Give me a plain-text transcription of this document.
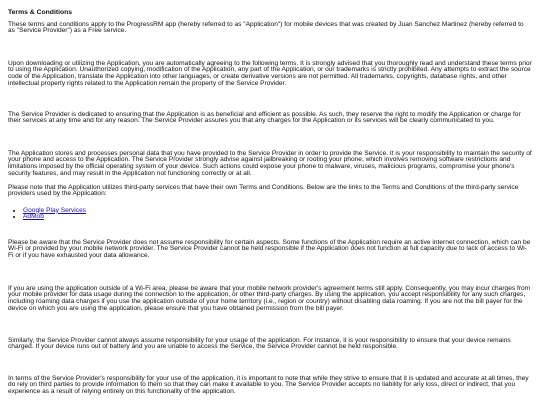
Terms & Conditions

These terms and conditions apply to the ProgressRM app (hereby referred to as "Application") for mobile devices that was created by Juan Sanchez Martinez (hereby referred to as "Service Provider") as a Free service.

Upon downloading or utilizing the Application, you are automatically agreeing to the following terms. It is strongly advised that you thoroughly read and understand these terms prior to using the Application. Unauthorized copying, modification of the Application, any part of the Application, or our trademarks is strictly prohibited. Any attempts to extract the source code of the Application, translate the Application into other languages, or create derivative versions are not permitted. All trademarks, copyrights, database rights, and other intellectual property rights related to the Application remain the property of the Service Provider.

The Service Provider is dedicated to ensuring that the Application is as beneficial and efficient as possible. As such, they reserve the right to modify the Application or charge for their services at any time and for any reason. The Service Provider assures you that any charges for the Application or its services will be clearly communicated to you.

The Application stores and processes personal data that you have provided to the Service Provider in order to provide the Service. It is your responsibility to maintain the security of your phone and access to the Application. The Service Provider strongly advise against jailbreaking or rooting your phone, which involves removing software restrictions and limitations imposed by the official operating system of your device. Such actions could expose your phone to malware, viruses, malicious programs, compromise your phone's security features, and may result in the Application not functioning correctly or at all.

Please note that the Application utilizes third-party services that have their own Terms and Conditions. Below are the links to the Terms and Conditions of the third-party service providers used by the Application:

• Google Play Services
• AdMob

Please be aware that the Service Provider does not assume responsibility for certain aspects. Some functions of the Application require an active internet connection, which can be Wi-Fi or provided by your mobile network provider. The Service Provider cannot be held responsible if the Application does not function at full capacity due to lack of access to Wi-Fi or if you have exhausted your data allowance.

If you are using the application outside of a Wi-Fi area, please be aware that your mobile network provider's agreement terms still apply. Consequently, you may incur charges from your mobile provider for data usage during the connection to the application, or other third-party charges. By using the application, you accept responsibility for any such charges, including roaming data charges if you use the application outside of your home territory (i.e., region or country) without disabling data roaming. If you are not the bill payer for the device on which you are using the application, please ensure that you have obtained permission from the bill payer.

Similarly, the Service Provider cannot always assume responsibility for your usage of the application. For instance, it is your responsibility to ensure that your device remains charged. If your device runs out of battery and you are unable to access the Service, the Service Provider cannot be held responsible.

In terms of the Service Provider's responsibility for your use of the application, it is important to note that while they strive to ensure that it is updated and accurate at all times, they do rely on third parties to provide information to them so that they can make it available to you. The Service Provider accepts no liability for any loss, direct or indirect, that you experience as a result of relying entirely on this functionality of the application.
